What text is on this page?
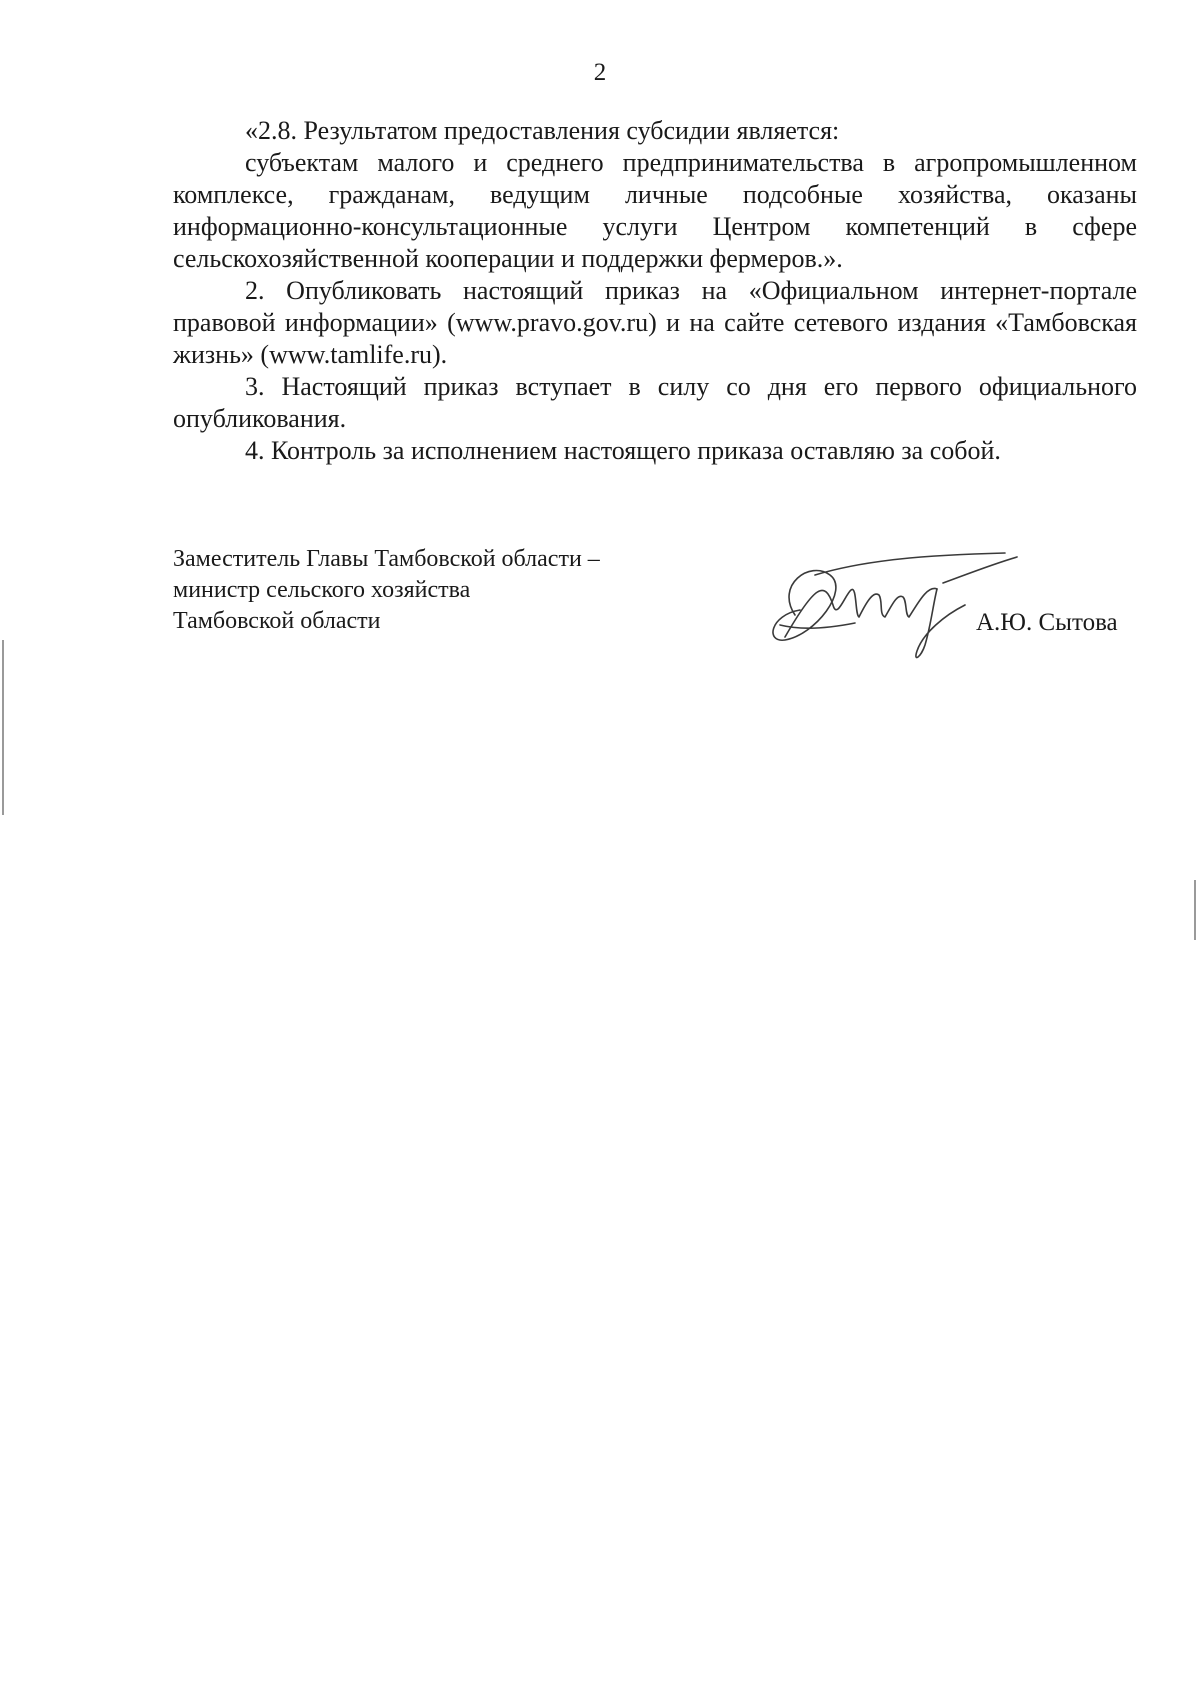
2

«2.8. Результатом предоставления субсидии является:

субъектам малого и среднего предпринимательства в агропромышленном комплексе, гражданам, ведущим личные подсобные хозяйства, оказаны информационно-консультационные услуги Центром компетенций в сфере сельскохозяйственной кооперации и поддержки фермеров.».

2. Опубликовать настоящий приказ на «Официальном интернет-портале правовой информации» (www.pravo.gov.ru) и на сайте сетевого издания «Тамбовская жизнь» (www.tamlife.ru).

3. Настоящий приказ вступает в силу со дня его первого официального опубликования.

4. Контроль за исполнением настоящего приказа оставляю за собой.

Заместитель Главы Тамбовской области –
министр сельского хозяйства
Тамбовской области	А.Ю. Сытова
